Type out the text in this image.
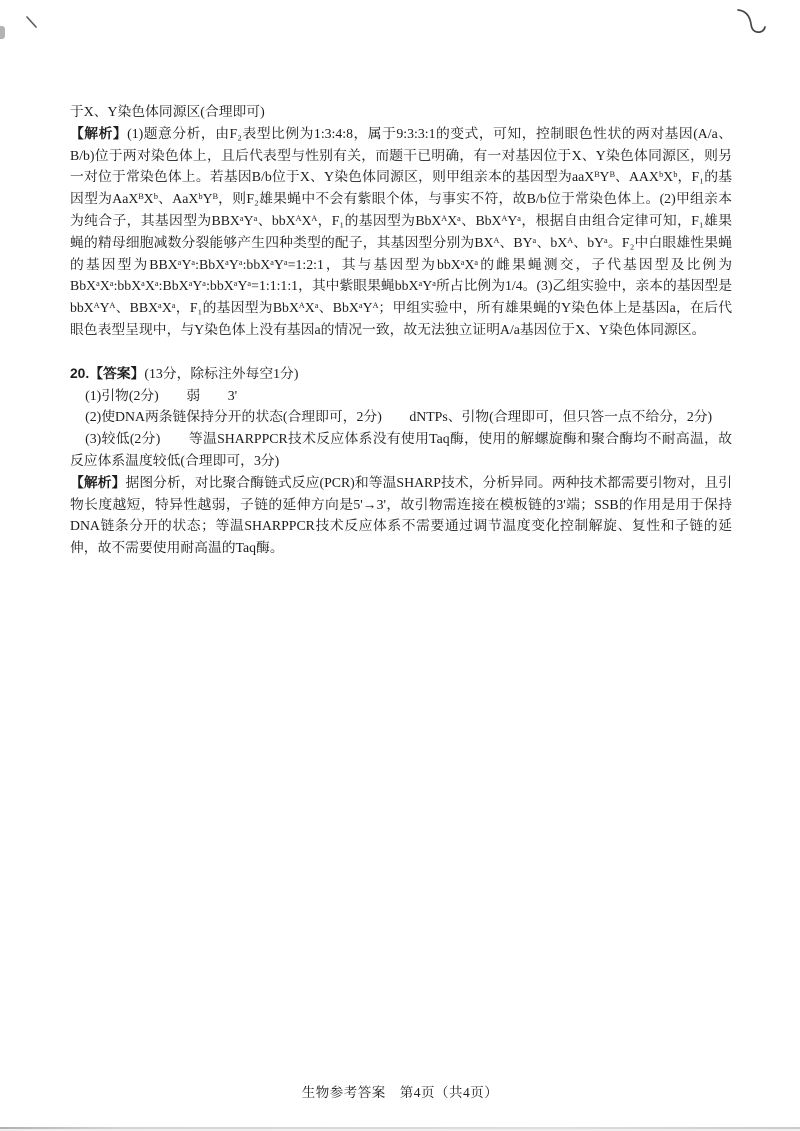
于X、Y染色体同源区(合理即可)

【解析】(1)题意分析，由F₂表型比例为1:3:4:8，属于9:3:3:1的变式，可知，控制眼色性状的两对基因(A/a、B/b)位于两对染色体上，且后代表型与性别有关，而题干已明确，有一对基因位于X、Y染色体同源区，则另一对位于常染色体上。若基因B/b位于X、Y染色体同源区，则甲组亲本的基因型为aaXᴮYᴮ、AAXᵇXᵇ，F₁的基因型为AaXᴮXᵇ、AaXᵇYᴮ，则F₂雄果蝇中不会有紫眼个体，与事实不符，故B/b位于常染色体上。(2)甲组亲本为纯合子，其基因型为BBXᵃYᵃ、bbXᴬXᴬ，F₁的基因型为BbXᴬXᵃ、BbXᴬYᵃ，根据自由组合定律可知，F₁雄果蝇的精母细胞减数分裂能够产生四种类型的配子，其基因型分别为BXᴬ、BYᵃ、bXᴬ、bYᵃ。F₂中白眼雄性果蝇的基因型为BBXᵃYᵃ:BbXᵃYᵃ:bbXᵃYᵃ=1:2:1，其与基因型为bbXᵃXᵃ的雌果蝇测交，子代基因型及比例为BbXᵃXᵃ:bbXᵃXᵃ:BbXᵃYᵃ:bbXᵃYᵃ=1:1:1:1，其中紫眼果蝇bbXᵃYᵃ所占比例为1/4。(3)乙组实验中，亲本的基因型是bbXᴬYᴬ、BBXᵃXᵃ，F₁的基因型为BbXᴬXᵃ、BbXᵃYᴬ；甲组实验中，所有雄果蝇的Y染色体上是基因a，在后代眼色表型呈现中，与Y染色体上没有基因a的情况一致，故无法独立证明A/a基因位于X、Y染色体同源区。

20.【答案】(13分，除标注外每空1分)

(1)引物(2分)　　弱　　3'

(2)使DNA两条链保持分开的状态(合理即可，2分)　　dNTPs、引物(合理即可，但只答一点不给分，2分)

(3)较低(2分)　　等温SHARPPCR技术反应体系没有使用Taq酶，使用的解螺旋酶和聚合酶均不耐高温，故反应体系温度较低(合理即可，3分)

【解析】据图分析，对比聚合酶链式反应(PCR)和等温SHARP技术，分析异同。两种技术都需要引物对，且引物长度越短，特异性越弱，子链的延伸方向是5'→3'，故引物需连接在模板链的3'端；SSB的作用是用于保持DNA链条分开的状态；等温SHARPPCR技术反应体系不需要通过调节温度变化控制解旋、复性和子链的延伸，故不需要使用耐高温的Taq酶。

生物参考答案　第4页（共4页）
